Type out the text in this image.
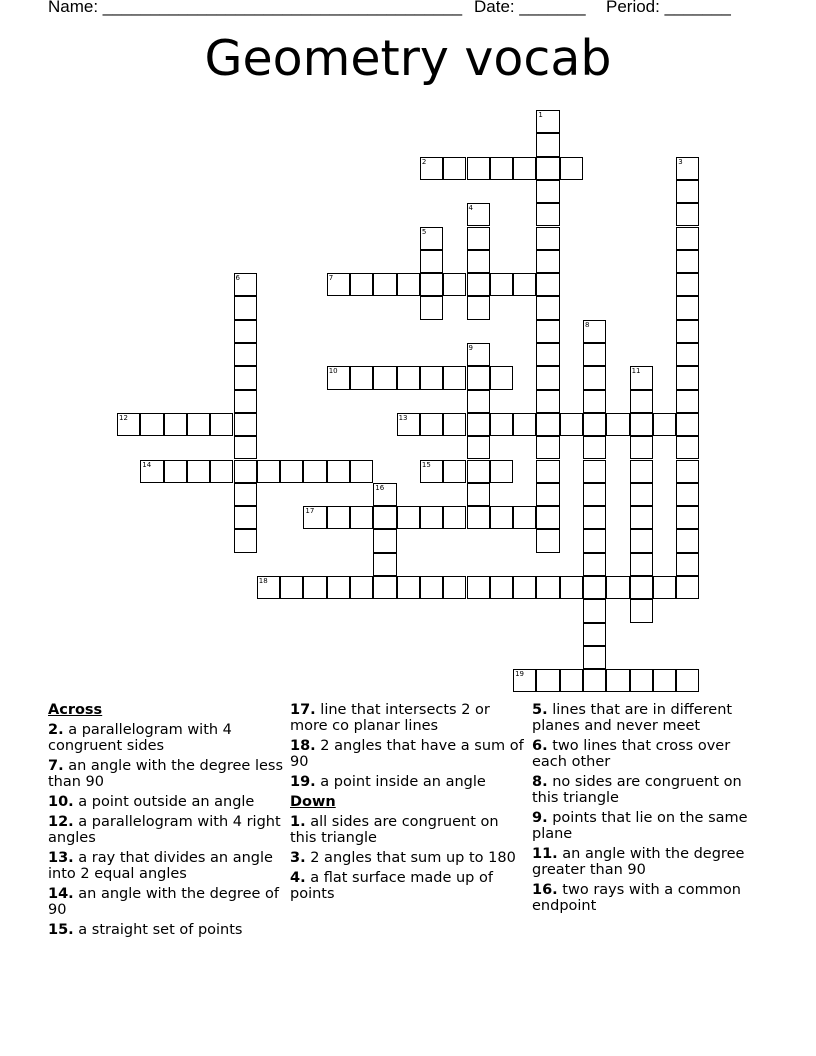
Name: ______________________________________ Date: _______ Period: _______
Geometry vocab
2
7
10
12	13
14	15
17
18
19
1
3
4
5
6
8
9
11
16
Across
2. a parallelogram with 4 congruent sides
7. an angle with the degree less than 90
10. a point outside an angle
12. a parallelogram with 4 right angles
13. a ray that divides an angle into 2 equal angles
14. an angle with the degree of 90
15. a straight set of points
17. line that intersects 2 or more co planar lines
18. 2 angles that have a sum of 90
19. a point inside an angle
Down
1. all sides are congruent on this triangle
3. 2 angles that sum up to 180
4. a flat surface made up of points
5. lines that are in different planes and never meet
6. two lines that cross over each other
8. no sides are congruent on this triangle
9. points that lie on the same plane
11. an angle with the degree greater than 90
16. two rays with a common endpoint
